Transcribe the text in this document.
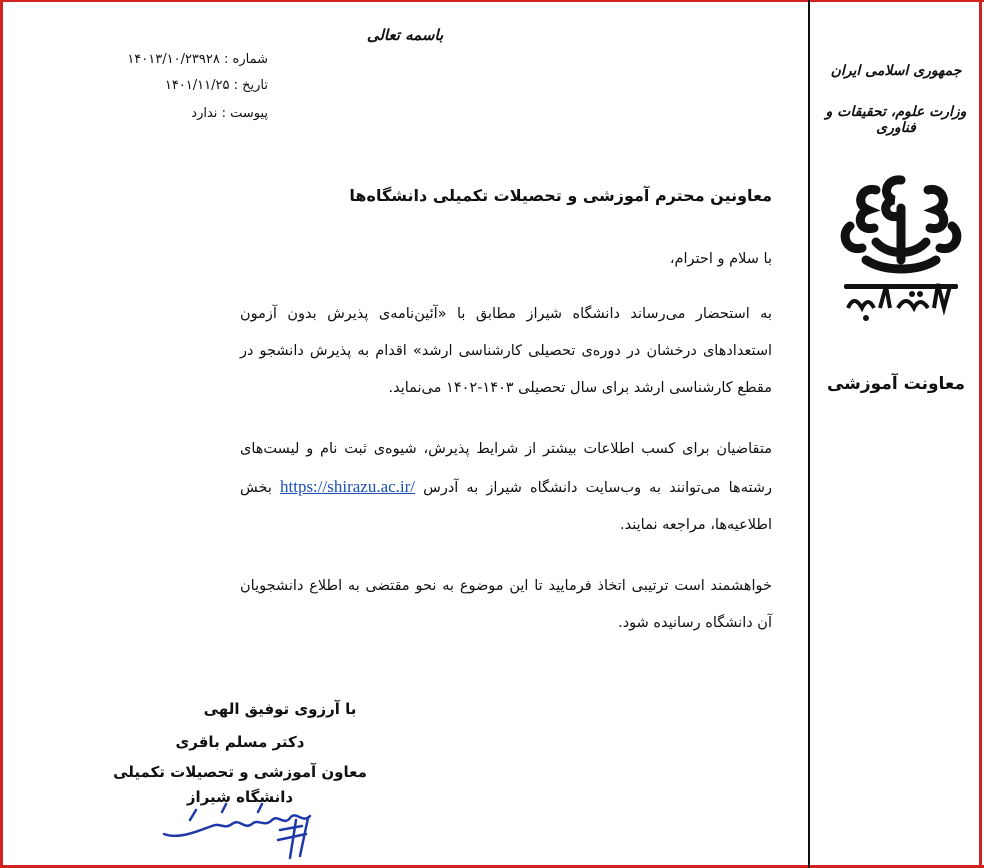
جمهوری اسلامی ایران
وزارت علوم، تحقیقات و فناوری
معاونت آموزشی
باسمه تعالی
شماره : ۱۴۰۱۳/۱۰/۲۳۹۲۸
تاریخ : ۱۴۰۱/۱۱/۲۵
پیوست : ندارد
معاونین محترم آموزشی و تحصیلات تکمیلی دانشگاه‌ها
با سلام و احترام،
به استحضار می‌رساند دانشگاه شیراز مطابق با «آئین‌نامه‌ی پذیرش بدون آزمون استعدادهای درخشان در دوره‌ی تحصیلی کارشناسی ارشد» اقدام به پذیرش دانشجو در مقطع کارشناسی ارشد برای سال تحصیلی ۱۴۰۳-۱۴۰۲ می‌نماید.
متقاضیان برای کسب اطلاعات بیشتر از شرایط پذیرش، شیوه‌ی ثبت نام و لیست‌های رشته‌ها می‌توانند به وب‌سایت دانشگاه شیراز به آدرس https://shirazu.ac.ir/ بخش اطلاعیه‌ها، مراجعه نمایند.
خواهشمند است ترتیبی اتخاذ فرمایید تا این موضوع به نحو مقتضی به اطلاع دانشجویان آن دانشگاه رسانیده شود.
با آرزوی توفیق الهی
دکتر مسلم باقری
معاون آموزشی و تحصیلات تکمیلی
دانشگاه شیراز
